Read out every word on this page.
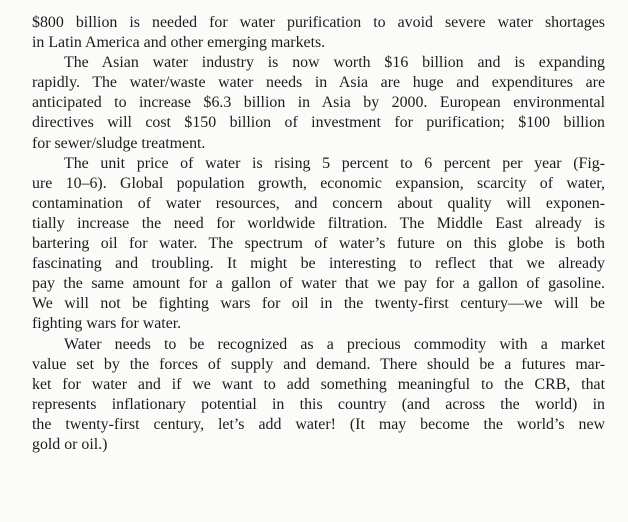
$800 billion is needed for water purification to avoid severe water shortages
in Latin America and other emerging markets.
The Asian water industry is now worth $16 billion and is expanding
rapidly. The water/waste water needs in Asia are huge and expenditures are
anticipated to increase $6.3 billion in Asia by 2000. European environmental
directives will cost $150 billion of investment for purification; $100 billion
for sewer/sludge treatment.
The unit price of water is rising 5 percent to 6 percent per year (Fig-
ure 10–6). Global population growth, economic expansion, scarcity of water,
contamination of water resources, and concern about quality will exponen-
tially increase the need for worldwide filtration. The Middle East already is
bartering oil for water. The spectrum of water’s future on this globe is both
fascinating and troubling. It might be interesting to reflect that we already
pay the same amount for a gallon of water that we pay for a gallon of gasoline.
We will not be fighting wars for oil in the twenty-first century—we will be
fighting wars for water.
Water needs to be recognized as a precious commodity with a market
value set by the forces of supply and demand. There should be a futures mar-
ket for water and if we want to add something meaningful to the CRB, that
represents inflationary potential in this country (and across the world) in
the twenty-first century, let’s add water! (It may become the world’s new
gold or oil.)
